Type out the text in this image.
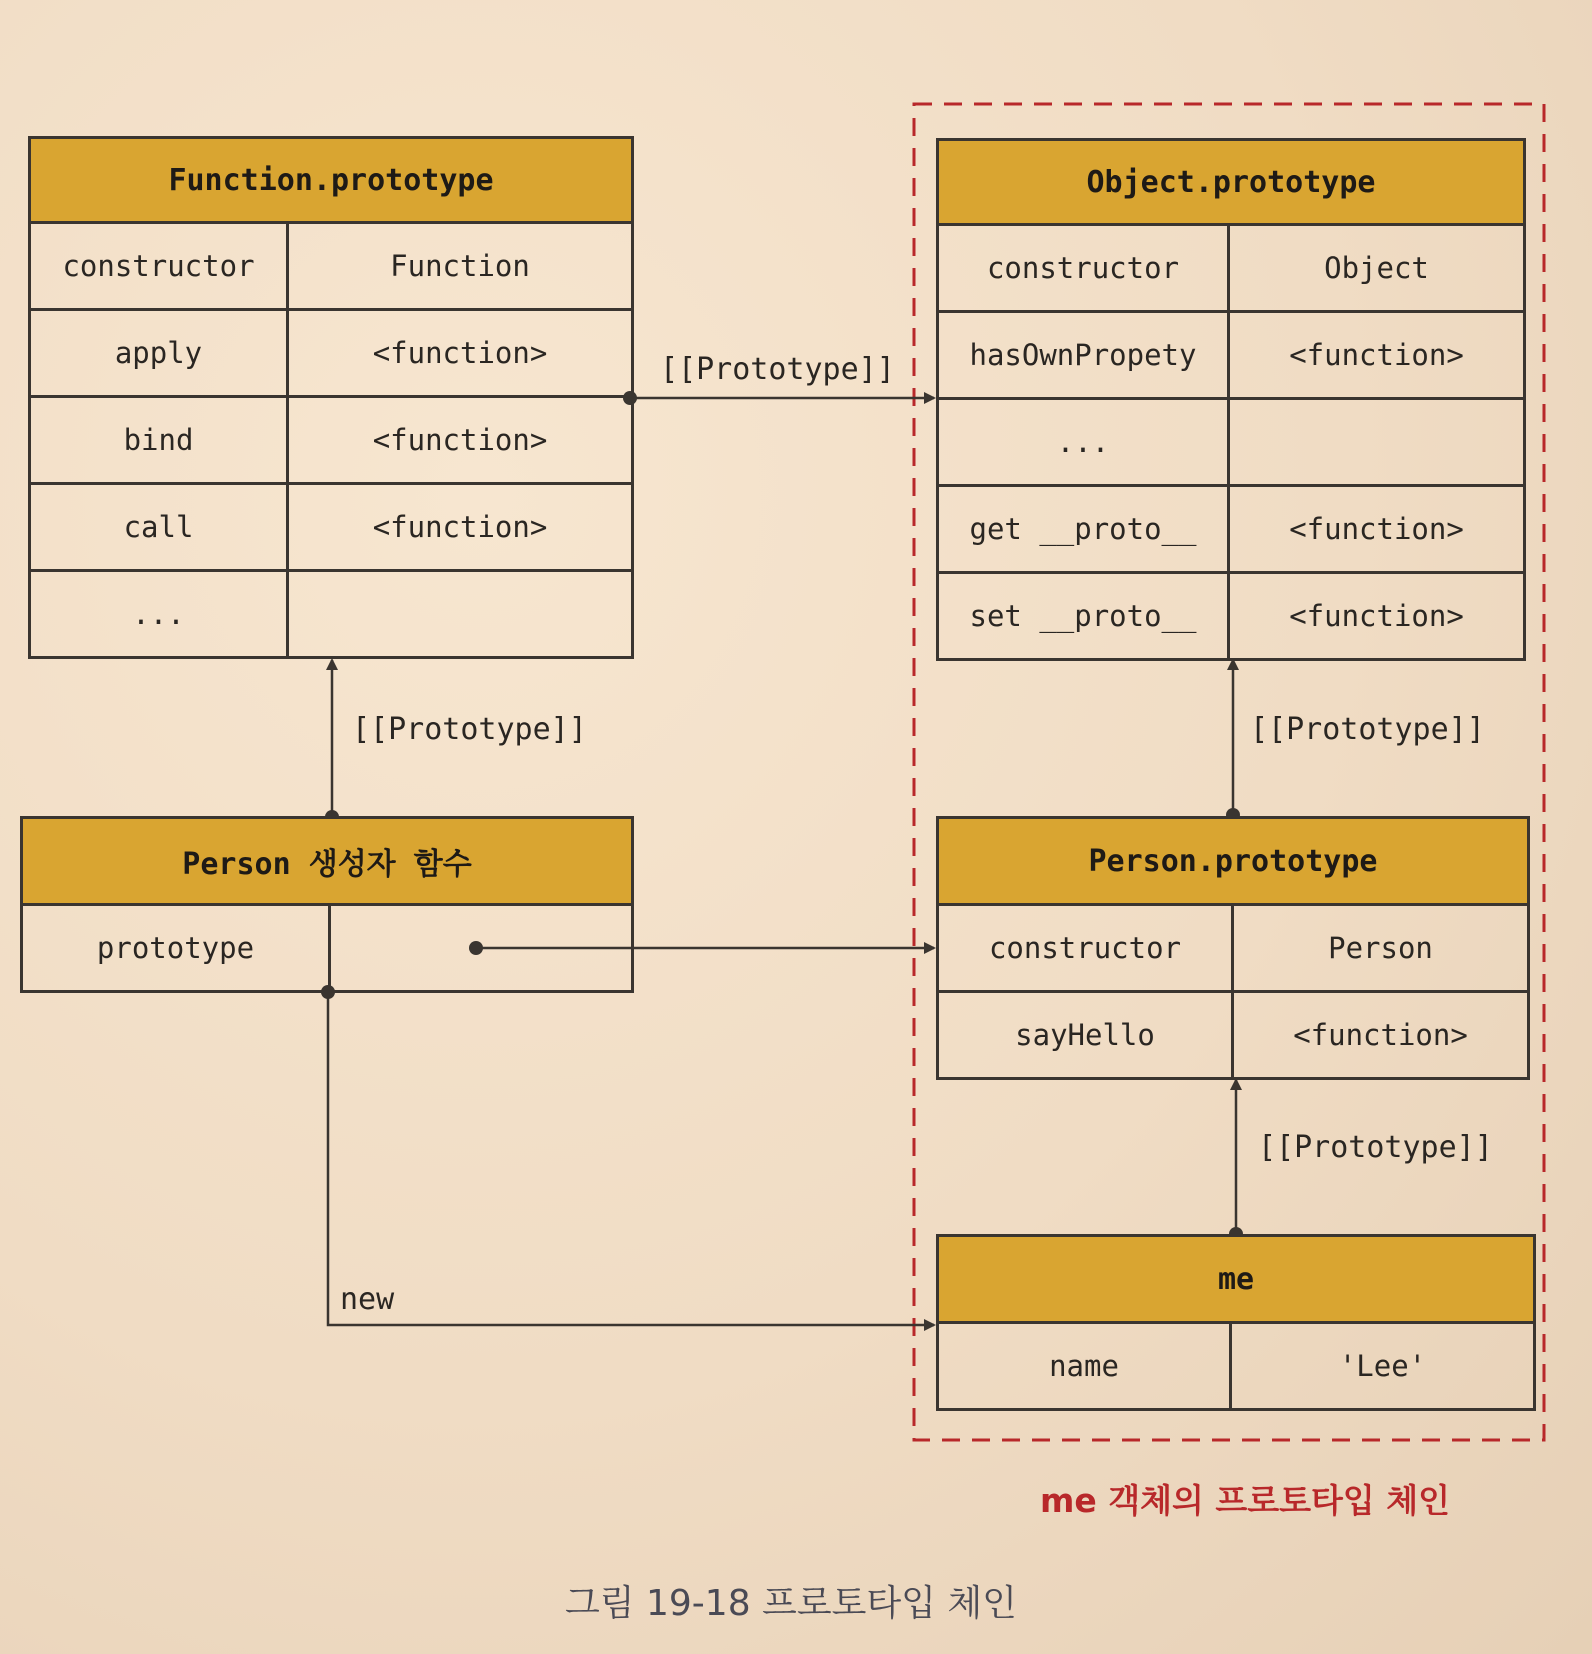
Function.prototype
constructor	Function
apply	<function>
bind	<function>
call	<function>
...
Object.prototype
constructor	Object
hasOwnPropety	<function>
...
get __proto__	<function>
set __proto__	<function>
Person 생성자 함수
prototype
Person.prototype
constructor	Person
sayHello	<function>
me
name	'Lee'
[[Prototype]]
[[Prototype]]	[[Prototype]]
[[Prototype]]
new
me 객체의 프로토타입 체인
그림 19-18 프로토타입 체인
